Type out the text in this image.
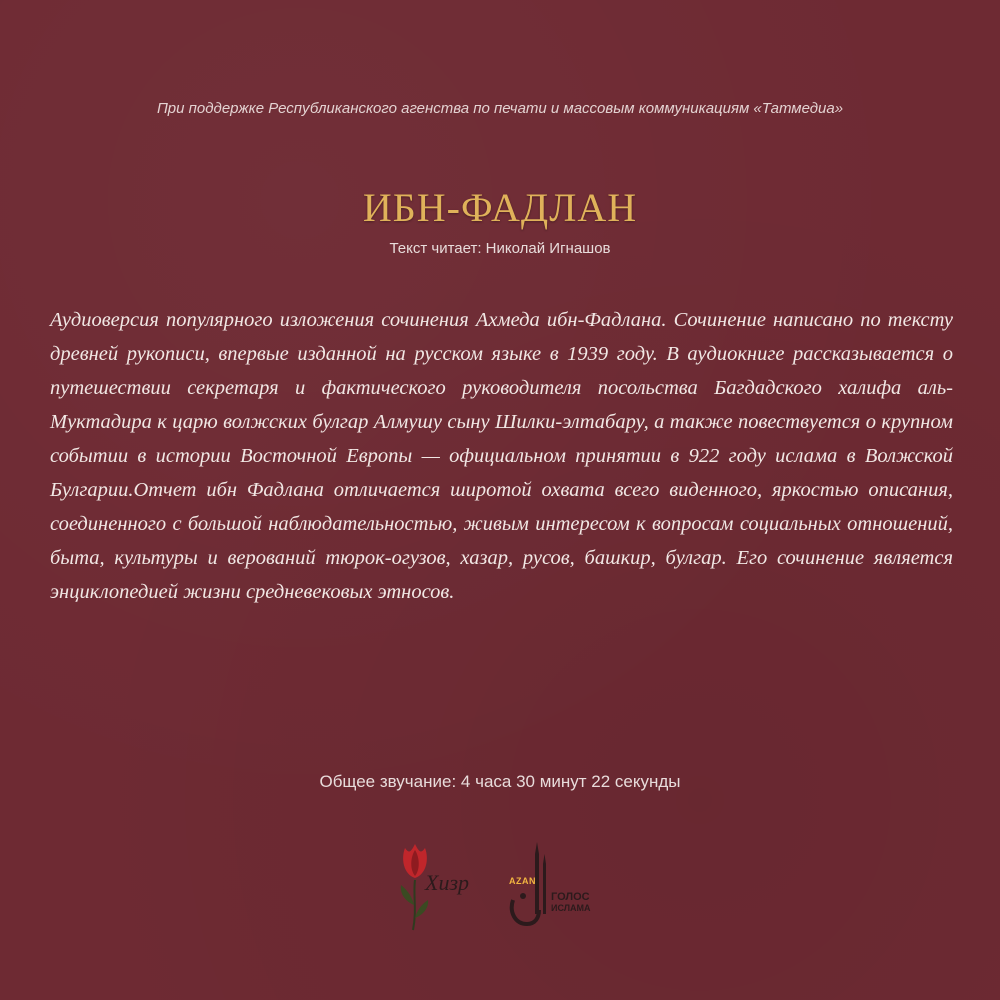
При поддержке Республиканского агенства по печати и массовым коммуникациям «Татмедиа»
ИБН-ФАДЛАН
Текст читает: Николай Игнашов

Аудиоверсия популярного изложения сочинения Ахмеда ибн-Фадлана. Сочинение написано по тексту древней рукописи, впервые изданной на русском языке в 1939 году. В аудиокниге рассказывается о путешествии секретаря и фактического руководителя посольства Багдадского халифа аль-Муктадира к царю волжских булгар Алмушу сыну Шилки-элтабару, а также повествуется о крупном событии в истории Восточной Европы — официальном принятии в 922 году ислама в Волжской Булгарии.Отчет ибн Фадлана отличается широтой охвата всего виденного, яркостью описания, соединенного с большой наблюдательностью, живым интересом к вопросам социальных отношений, быта, культуры и верований тюрок-огузов, хазар, русов, башкир, булгар. Его сочинение является энциклопедией жизни средневековых этносов.

Общее звучание: 4 часа 30 минут 22 секунды
Хизр	AZAN
ГОЛОС
ИСЛАМА
